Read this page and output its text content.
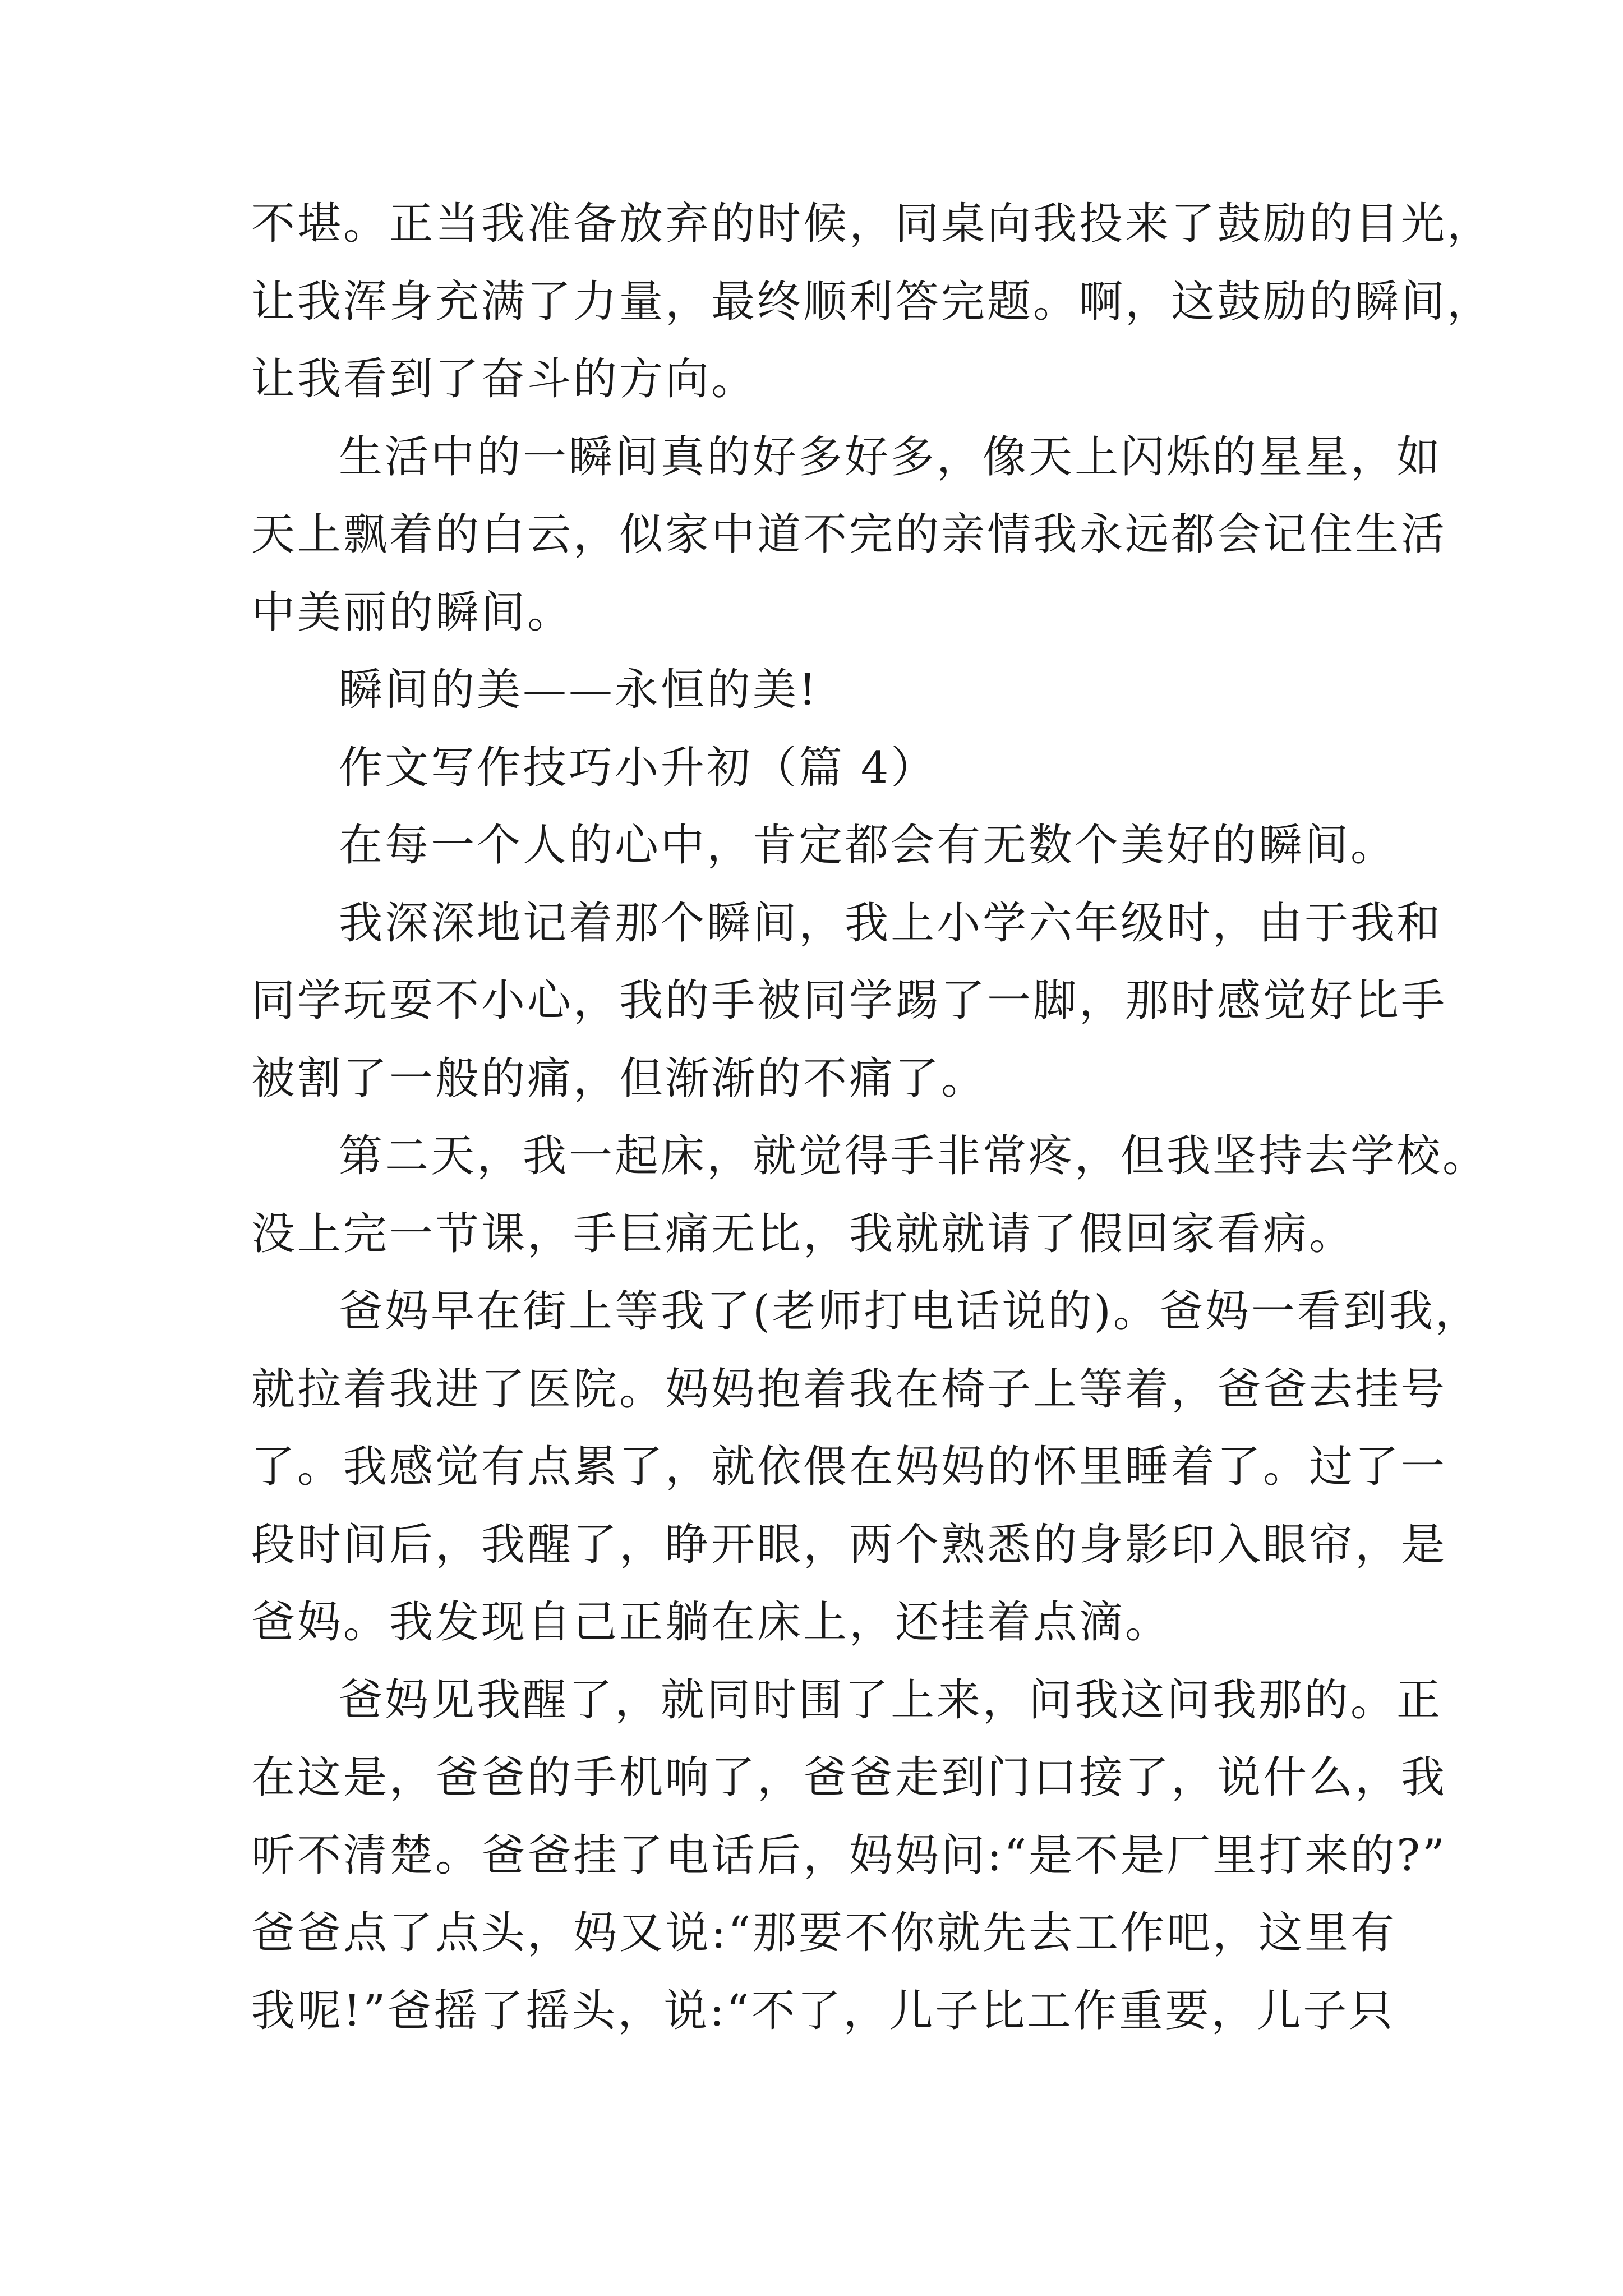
不堪。正当我准备放弃的时候，同桌向我投来了鼓励的目光，
让我浑身充满了力量，最终顺利答完题。啊，这鼓励的瞬间，
让我看到了奋斗的方向。
生活中的一瞬间真的好多好多，像天上闪烁的星星，如
天上飘着的白云，似家中道不完的亲情我永远都会记住生活
中美丽的瞬间。
瞬间的美——永恒的美!
作文写作技巧小升初（篇 4）
在每一个人的心中，肯定都会有无数个美好的瞬间。
我深深地记着那个瞬间，我上小学六年级时，由于我和
同学玩耍不小心，我的手被同学踢了一脚，那时感觉好比手
被割了一般的痛，但渐渐的不痛了。
第二天，我一起床，就觉得手非常疼，但我坚持去学校。
没上完一节课，手巨痛无比，我就就请了假回家看病。
爸妈早在街上等我了(老师打电话说的)。爸妈一看到我，
就拉着我进了医院。妈妈抱着我在椅子上等着，爸爸去挂号
了。我感觉有点累了，就依偎在妈妈的怀里睡着了。过了一
段时间后，我醒了，睁开眼，两个熟悉的身影印入眼帘，是
爸妈。我发现自己正躺在床上，还挂着点滴。
爸妈见我醒了，就同时围了上来，问我这问我那的。正
在这是，爸爸的手机响了，爸爸走到门口接了，说什么，我
听不清楚。爸爸挂了电话后，妈妈问:“是不是厂里打来的?”
爸爸点了点头，妈又说:“那要不你就先去工作吧，这里有
我呢!”爸摇了摇头，说:“不了，儿子比工作重要，儿子只
